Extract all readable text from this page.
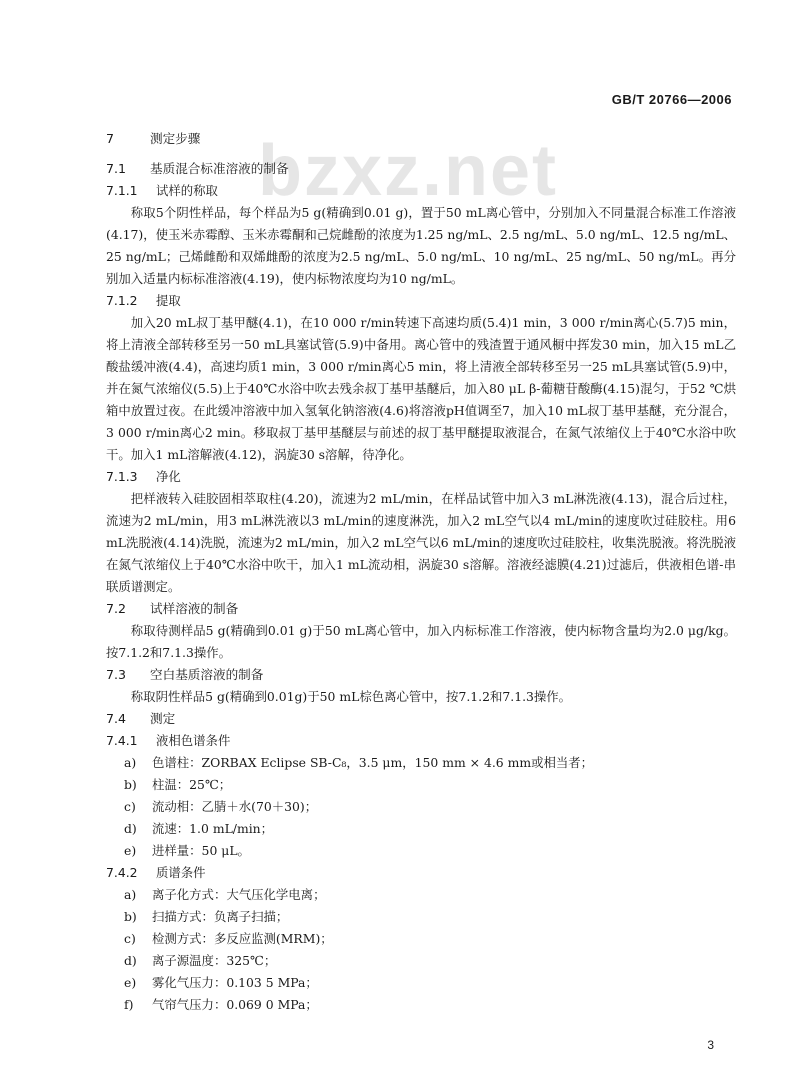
GB/T 20766—2006
bzxz.net

7	测定步骤

7.1 基质混合标准溶液的制备

7.1.1 试样的称取

称取5个阴性样品，每个样品为5 g(精确到0.01 g)，置于50 mL离心管中，分别加入不同量混合标准工作溶液(4.17)，使玉米赤霉醇、玉米赤霉酮和己烷雌酚的浓度为1.25 ng/mL、2.5 ng/mL、5.0 ng/mL、12.5 ng/mL、25 ng/mL；己烯雌酚和双烯雌酚的浓度为2.5 ng/mL、5.0 ng/mL、10 ng/mL、25 ng/mL、50 ng/mL。再分别加入适量内标标准溶液(4.19)，使内标物浓度均为10 ng/mL。

7.1.2 提取

加入20 mL叔丁基甲醚(4.1)，在10 000 r/min转速下高速均质(5.4)1 min，3 000 r/min离心(5.7)5 min，将上清液全部转移至另一50 mL具塞试管(5.9)中备用。离心管中的残渣置于通风橱中挥发30 min，加入15 mL乙酸盐缓冲液(4.4)，高速均质1 min，3 000 r/min离心5 min，将上清液全部转移至另一25 mL具塞试管(5.9)中，并在氮气浓缩仪(5.5)上于40℃水浴中吹去残余叔丁基甲基醚后，加入80 μL β-葡糖苷酸酶(4.15)混匀，于52 ℃烘箱中放置过夜。在此缓冲溶液中加入氢氧化钠溶液(4.6)将溶液pH值调至7，加入10 mL叔丁基甲基醚，充分混合，3 000 r/min离心2 min。移取叔丁基甲基醚层与前述的叔丁基甲醚提取液混合，在氮气浓缩仪上于40℃水浴中吹干。加入1 mL溶解液(4.12)，涡旋30 s溶解，待净化。

7.1.3 净化

把样液转入硅胶固相萃取柱(4.20)，流速为2 mL/min，在样品试管中加入3 mL淋洗液(4.13)，混合后过柱，流速为2 mL/min，用3 mL淋洗液以3 mL/min的速度淋洗，加入2 mL空气以4 mL/min的速度吹过硅胶柱。用6 mL洗脱液(4.14)洗脱，流速为2 mL/min，加入2 mL空气以6 mL/min的速度吹过硅胶柱，收集洗脱液。将洗脱液在氮气浓缩仪上于40℃水浴中吹干，加入1 mL流动相，涡旋30 s溶解。溶液经滤膜(4.21)过滤后，供液相色谱-串联质谱测定。

7.2 试样溶液的制备

称取待测样品5 g(精确到0.01 g)于50 mL离心管中，加入内标标准工作溶液，使内标物含量均为2.0 μg/kg。按7.1.2和7.1.3操作。

7.3 空白基质溶液的制备

称取阴性样品5 g(精确到0.01g)于50 mL棕色离心管中，按7.1.2和7.1.3操作。

7.4 测定

7.4.1 液相色谱条件

a) 色谱柱：ZORBAX Eclipse SB-C₈，3.5 μm，150 mm × 4.6 mm或相当者；

b) 柱温：25℃；

c) 流动相：乙腈＋水(70＋30)；

d) 流速：1.0 mL/min；

e) 进样量：50 μL。

7.4.2 质谱条件

a) 离子化方式：大气压化学电离；

b) 扫描方式：负离子扫描；

c) 检测方式：多反应监测(MRM)；

d) 离子源温度：325℃；

e) 雾化气压力：0.103 5 MPa；

f) 气帘气压力：0.069 0 MPa；

3
